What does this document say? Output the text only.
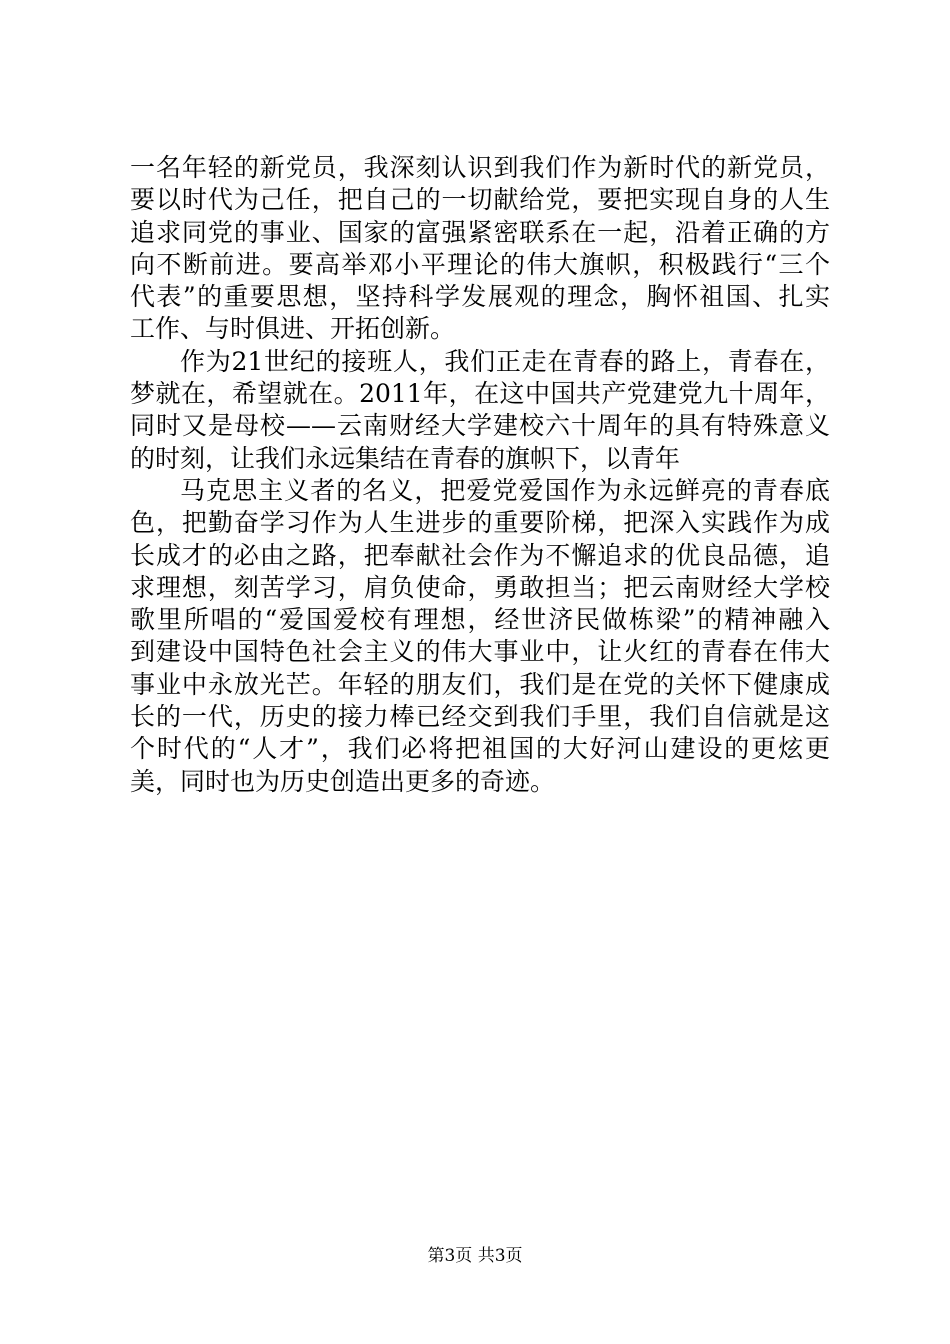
一名年轻的新党员，我深刻认识到我们作为新时代的新党员，
要以时代为己任，把自己的一切献给党，要把实现自身的人生
追求同党的事业、国家的富强紧密联系在一起，沿着正确的方
向不断前进。要高举邓小平理论的伟大旗帜，积极践行“三个
代表”的重要思想，坚持科学发展观的理念，胸怀祖国、扎实
工作、与时俱进、开拓创新。
作为21世纪的接班人，我们正走在青春的路上，青春在，
梦就在，希望就在。2011年，在这中国共产党建党九十周年，
同时又是母校——云南财经大学建校六十周年的具有特殊意义
的时刻，让我们永远集结在青春的旗帜下，以青年
马克思主义者的名义，把爱党爱国作为永远鲜亮的青春底
色，把勤奋学习作为人生进步的重要阶梯，把深入实践作为成
长成才的必由之路，把奉献社会作为不懈追求的优良品德，追
求理想，刻苦学习，肩负使命，勇敢担当；把云南财经大学校
歌里所唱的“爱国爱校有理想，经世济民做栋梁”的精神融入
到建设中国特色社会主义的伟大事业中，让火红的青春在伟大
事业中永放光芒。年轻的朋友们，我们是在党的关怀下健康成
长的一代，历史的接力棒已经交到我们手里，我们自信就是这
个时代的“人才”，我们必将把祖国的大好河山建设的更炫更
美，同时也为历史创造出更多的奇迹。
第3页 共3页
